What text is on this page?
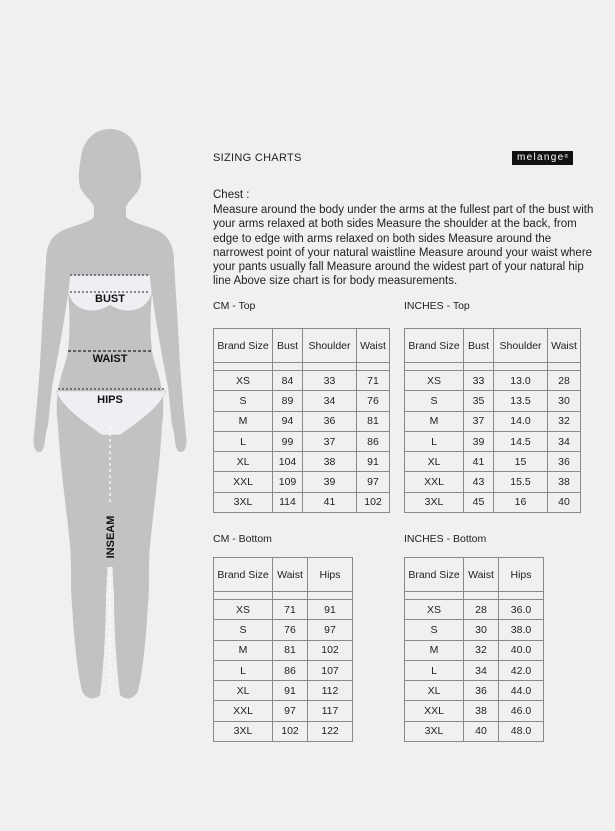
BUST
WAIST
HIPS
INSEAM
SIZING CHARTS	melange®
Chest :
Measure around the body under the arms at the fullest part of the bust with your arms relaxed at both sides Measure the shoulder at the back, from edge to edge with arms relaxed on both sides Measure around the narrowest point of your natural waistline Measure around your waist where your pants usually fall Measure around the widest part of your natural hip line Above size chart is for body measurements.
CM - Top	INCHES - Top
CM - Bottom	INCHES - Bottom
Brand Size	Bust	Shoulder	Waist

XS	84	33	71
S	89	34	76
M	94	36	81
L	99	37	86
XL	104	38	91
XXL	109	39	97
3XL	114	41	102
Brand Size	Bust	Shoulder	Waist

XS	33	13.0	28
S	35	13.5	30
M	37	14.0	32
L	39	14.5	34
XL	41	15	36
XXL	43	15.5	38
3XL	45	16	40
Brand Size	Waist	Hips

XS	71	91
S	76	97
M	81	102
L	86	107
XL	91	112
XXL	97	117
3XL	102	122
Brand Size	Waist	Hips

XS	28	36.0
S	30	38.0
M	32	40.0
L	34	42.0
XL	36	44.0
XXL	38	46.0
3XL	40	48.0
